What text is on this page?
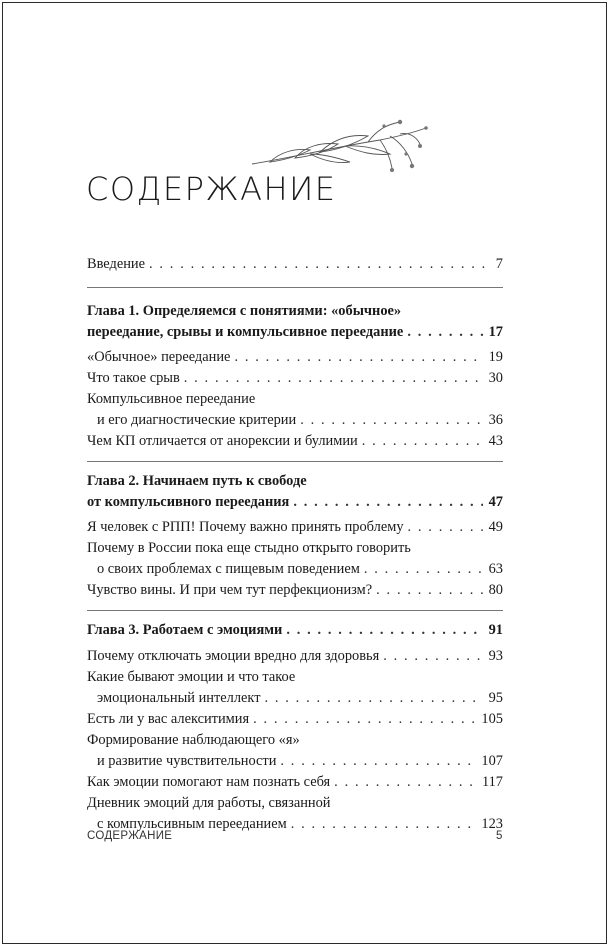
СОДЕРЖАНИЕ
Введение . . .	7
Глава 1. Определяемся с понятиями: «обычное»
переедание, срывы и компульсивное переедание . . .	17
«Обычное» переедание . . .	19
Что такое срыв . . .	30
Компульсивное переедание
и его диагностические критерии . . .	36
Чем КП отличается от анорексии и булимии . . .	43
Глава 2. Начинаем путь к свободе
от компульсивного переедания . . .	47
Я человек с РПП! Почему важно принять проблему . . .	49
Почему в России пока еще стыдно открыто говорить
о своих проблемах с пищевым поведением . . .	63
Чувство вины. И при чем тут перфекционизм? . . .	80
Глава 3. Работаем с эмоциями . . .	91
Почему отключать эмоции вредно для здоровья . . .	93
Какие бывают эмоции и что такое
эмоциональный интеллект . . .	95
Есть ли у вас алекситимия . . .	105
Формирование наблюдающего «я»
и развитие чувствительности . . .	107
Как эмоции помогают нам познать себя . . .	117
Дневник эмоций для работы, связанной
с компульсивным перееданием . . .	123
СОДЕРЖАНИЕ	5
